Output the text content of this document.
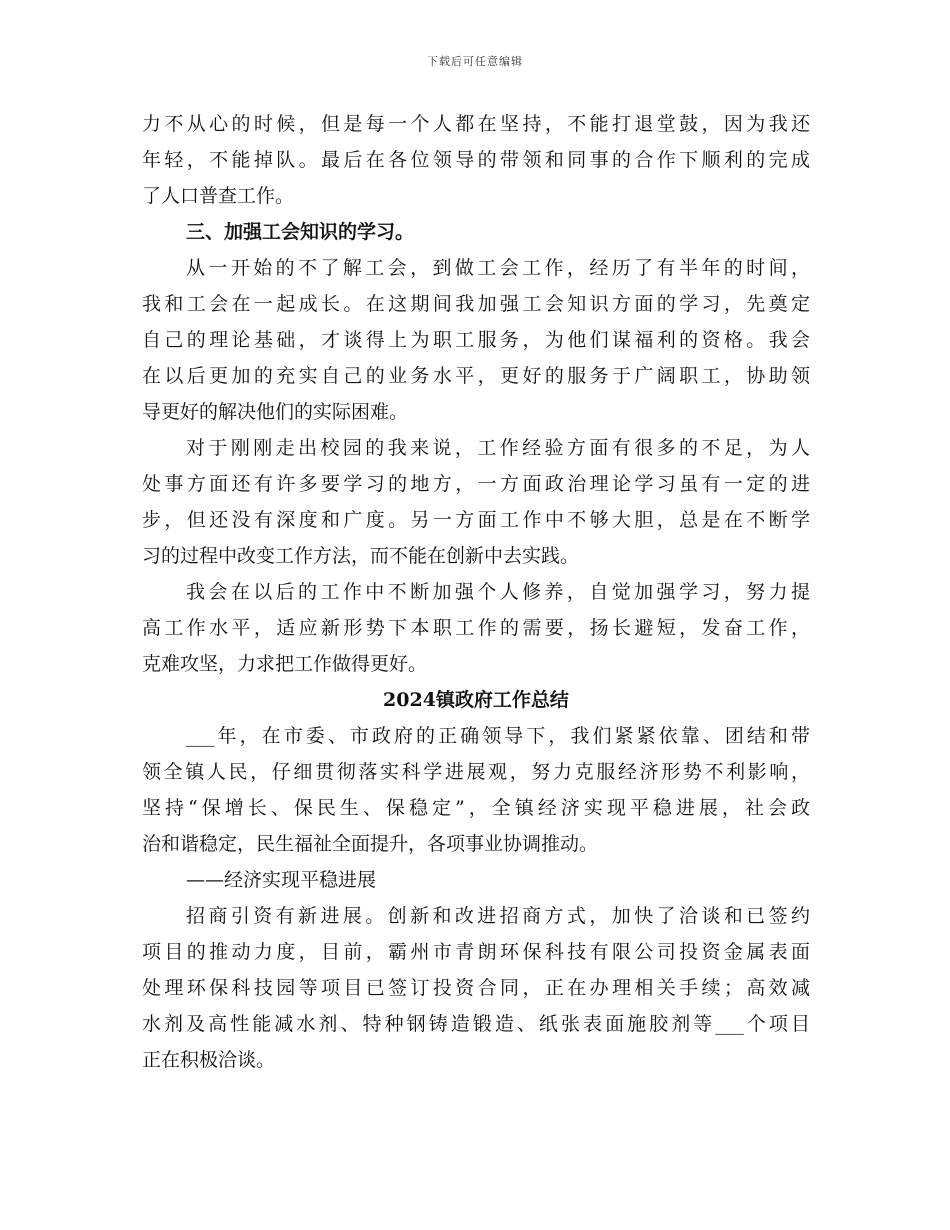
下载后可任意编辑
力不从心的时候，但是每一个人都在坚持，不能打退堂鼓，因为我还
年轻，不能掉队。最后在各位领导的带领和同事的合作下顺利的完成
了人口普查工作。
三、加强工会知识的学习。
从一开始的不了解工会，到做工会工作，经历了有半年的时间，
我和工会在一起成长。在这期间我加强工会知识方面的学习，先奠定
自己的理论基础，才谈得上为职工服务，为他们谋福利的资格。我会
在以后更加的充实自己的业务水平，更好的服务于广阔职工，协助领
导更好的解决他们的实际困难。
对于刚刚走出校园的我来说，工作经验方面有很多的不足，为人
处事方面还有许多要学习的地方，一方面政治理论学习虽有一定的进
步，但还没有深度和广度。另一方面工作中不够大胆，总是在不断学
习的过程中改变工作方法，而不能在创新中去实践。
我会在以后的工作中不断加强个人修养，自觉加强学习，努力提
高工作水平，适应新形势下本职工作的需要，扬长避短，发奋工作，
克难攻坚，力求把工作做得更好。
2024镇政府工作总结
___年，在市委、市政府的正确领导下，我们紧紧依靠、团结和带
领全镇人民，仔细贯彻落实科学进展观，努力克服经济形势不利影响，
坚持“保增长、保民生、保稳定”，全镇经济实现平稳进展，社会政
治和谐稳定，民生福祉全面提升，各项事业协调推动。
——经济实现平稳进展
招商引资有新进展。创新和改进招商方式，加快了洽谈和已签约
项目的推动力度，目前，霸州市青朗环保科技有限公司投资金属表面
处理环保科技园等项目已签订投资合同，正在办理相关手续；高效减
水剂及高性能减水剂、特种钢铸造锻造、纸张表面施胶剂等___个项目
正在积极洽谈。
